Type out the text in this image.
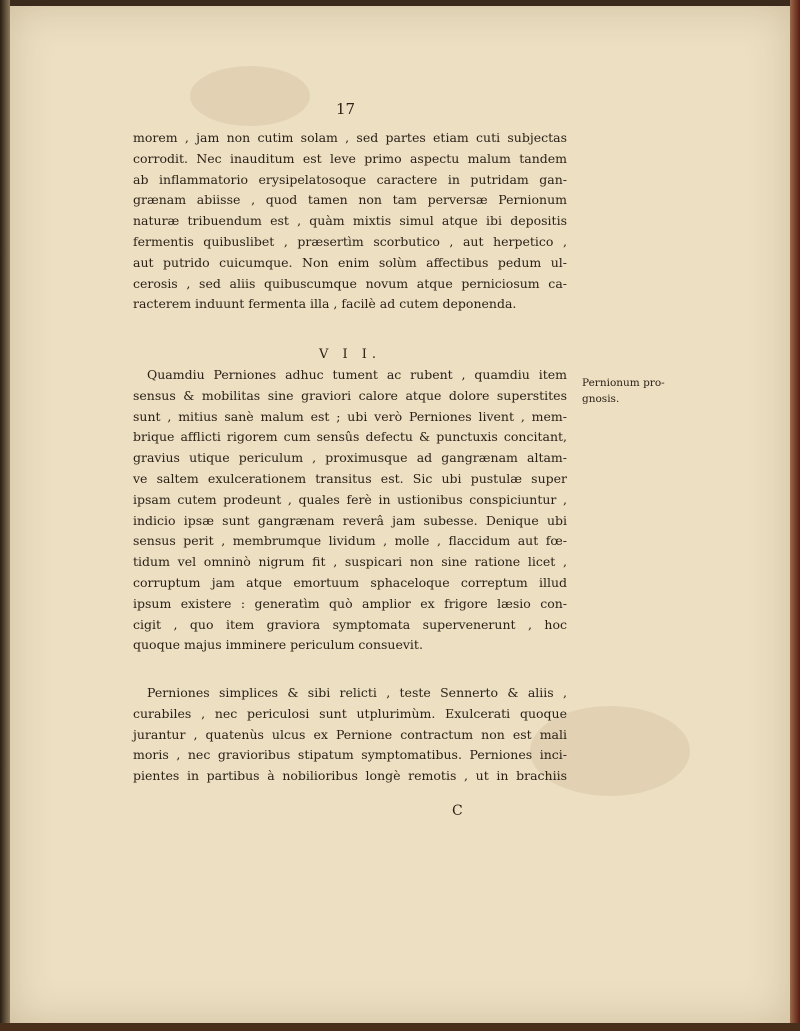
17
morem , jam non cutim solam , sed partes etiam cuti subjectas
corrodit. Nec inauditum est leve primo aspectu malum tandem
ab inflammatorio erysipelatosoque caractere in putridam gan-
grænam abiisse , quod tamen non tam perversæ Pernionum
naturæ tribuendum est , quàm mixtis simul atque ibi depositis
fermentis quibuslibet , præsertìm scorbutico , aut herpetico ,
aut putrido cuicumque. Non enim solùm affectibus pedum ul-
cerosis , sed aliis quibuscumque novum atque perniciosum ca-
racterem induunt fermenta illa , facilè ad cutem deponenda.
V I I.
Pernionum pro-
gnosis.
Quamdiu Perniones adhuc tument ac rubent , quamdiu item
sensus & mobilitas sine graviori calore atque dolore superstites
sunt , mitius sanè malum est ; ubi verò Perniones livent , mem-
brique afflicti rigorem cum sensûs defectu & punctuxis concitant,
gravius utique periculum , proximusque ad gangrænam altam-
ve saltem exulcerationem transitus est. Sic ubi pustulæ super
ipsam cutem prodeunt , quales ferè in ustionibus conspiciuntur ,
indicio ipsæ sunt gangrænam reverâ jam subesse. Denique ubi
sensus perit , membrumque lividum , molle , flaccidum aut fœ-
tidum vel omninò nigrum fit , suspicari non sine ratione licet ,
corruptum jam atque emortuum sphaceloque correptum illud
ipsum existere : generatìm quò amplior ex frigore læsio con-
cigit , quo item graviora symptomata supervenerunt , hoc
quoque majus imminere periculum consuevit.
Perniones simplices & sibi relicti , teste Sennerto & aliis ,
curabiles , nec periculosi sunt utplurimùm. Exulcerati quoque
jurantur , quatenùs ulcus ex Pernione contractum non est mali
moris , nec gravioribus stipatum symptomatibus. Perniones inci-
pientes in partibus à nobilioribus longè remotis , ut in brachiis
C
